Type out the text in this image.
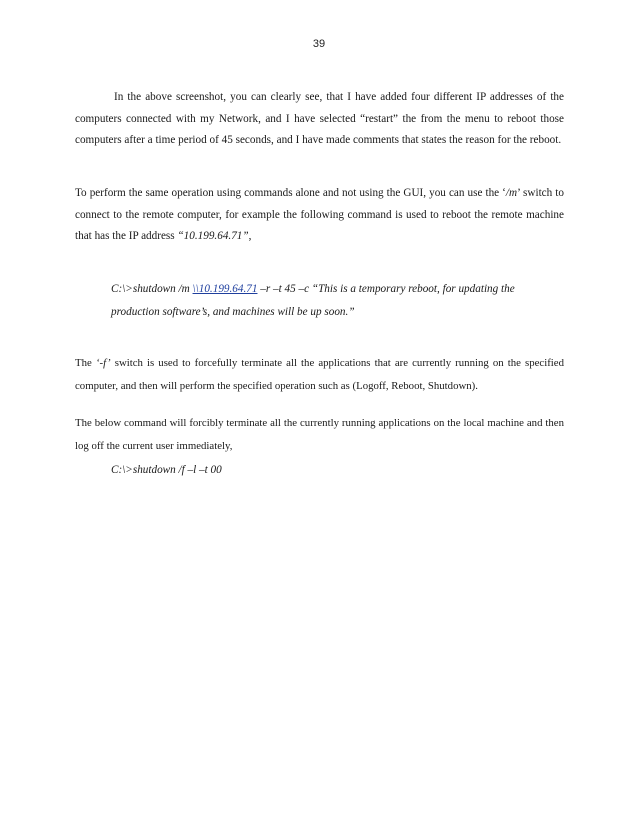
39
In the above screenshot, you can clearly see, that I have added four different IP addresses of the computers connected with my Network, and I have selected “restart” the from the menu to reboot those computers after a time period of 45 seconds, and I have made comments that states the reason for the reboot.
To perform the same operation using commands alone and not using the GUI, you can use the ‘/m’ switch to connect to the remote computer, for example the following command is used to reboot the remote machine that has the IP address “10.199.64.71”,
C:\>shutdown /m \\10.199.64.71 –r –t 45 –c “This is a temporary reboot, for updating the production software’s, and machines will be up soon.”
The ‘-f’ switch is used to forcefully terminate all the applications that are currently running on the specified computer, and then will perform the specified operation such as (Logoff, Reboot, Shutdown).
The below command will forcibly terminate all the currently running applications on the local machine and then log off the current user immediately,
C:\>shutdown /f –l –t 00
